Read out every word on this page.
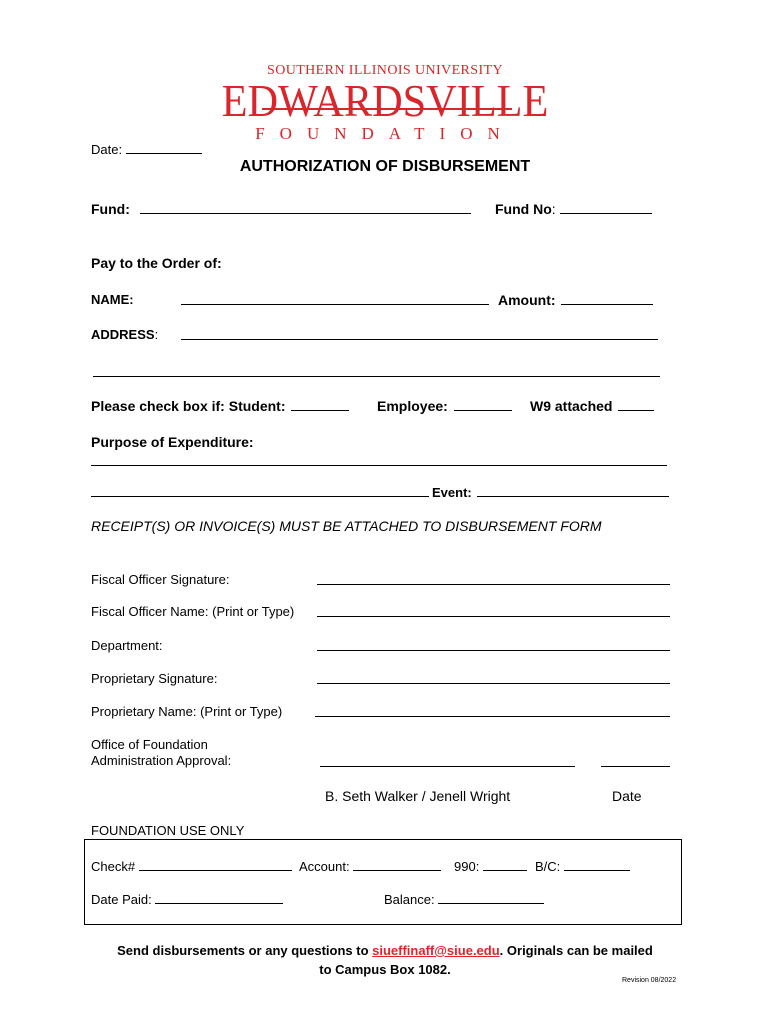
SOUTHERN ILLINOIS UNIVERSITY
EDWARDSVILLE
FOUNDATION
Date:
AUTHORIZATION OF DISBURSEMENT
Fund:	Fund No:
Pay to the Order of:
NAME:	Amount:
ADDRESS:
Please check box if: Student:	Employee:	W9 attached
Purpose of Expenditure:
Event:
RECEIPT(S) OR INVOICE(S) MUST BE ATTACHED TO DISBURSEMENT FORM
Fiscal Officer Signature:
Fiscal Officer Name: (Print or Type)
Department:
Proprietary Signature:
Proprietary Name: (Print or Type)
Office of Foundation
Administration Approval:
B. Seth Walker / Jenell Wright	Date
FOUNDATION USE ONLY
Check#	Account:	990:	B/C:
Date Paid:	Balance:
Send disbursements or any questions to siueffinaff@siue.edu. Originals can be mailed
to Campus Box 1082.
Revision 08/2022
